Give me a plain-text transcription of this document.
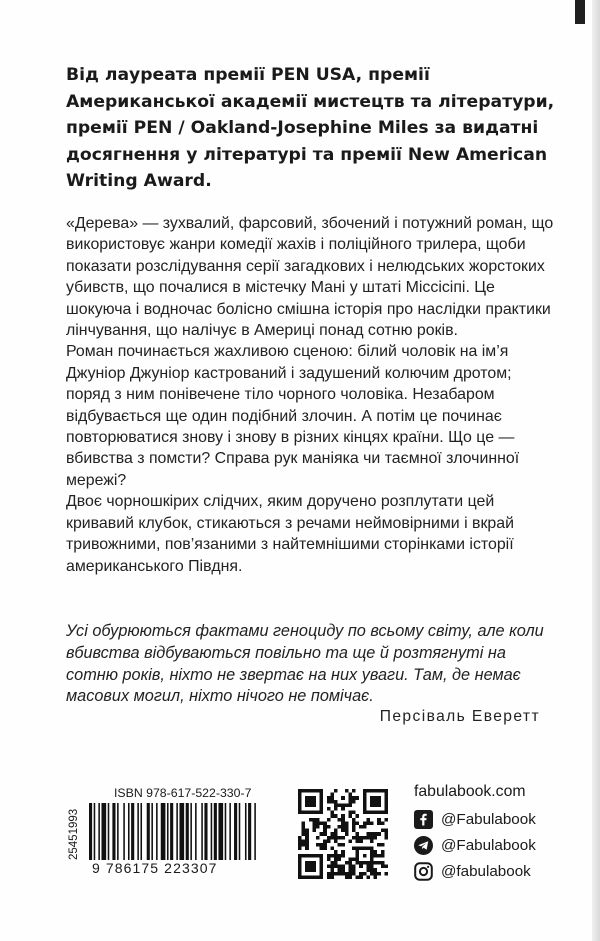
Від лауреата премії PEN USA, премії Американської академії мистецтв та літератури, премії PEN / Oakland-Josephine Miles за видатні досягнення у літературі та премії New American Writing Award.

«Дерева» — зухвалий, фарсовий, збочений і потужний роман, що використовує жанри комедії жахів і поліційного трилера, щоби показати розслідування серії загадкових і нелюдських жорстоких убивств, що почалися в містечку Мані у штаті Міссісіпі. Це шокуюча і водночас болісно смішна історія про наслідки практики лінчування, що налічує в Америці понад сотню років.
Роман починається жахливою сценою: білий чоловік на ім’я Джуніор Джуніор кастрований і задушений колючим дротом; поряд з ним понівечене тіло чорного чоловіка. Незабаром відбувається ще один подібний злочин. А потім це починає повторюватися знову і знову в різних кінцях країни. Що це — вбивства з помсти? Справа рук маніяка чи таємної злочинної мережі?
Двоє чорношкірих слідчих, яким доручено розплутати цей кривавий клубок, стикаються з речами неймовірними і вкрай тривожними, пов’язаними з найтемнішими сторінками історії американського Півдня.

Усі обурюються фактами геноциду по всьому світу, але коли вбивства відбуваються повільно та ще й розтягнуті на сотню років, ніхто не звертає на них уваги. Там, де немає масових могил, ніхто нічого не помічає.

Персіваль Еверетт

ISBN 978-617-522-330-7
25451993
9 786175 223307
fabulabook.com
@Fabulabook
@Fabulabook
@fabulabook
